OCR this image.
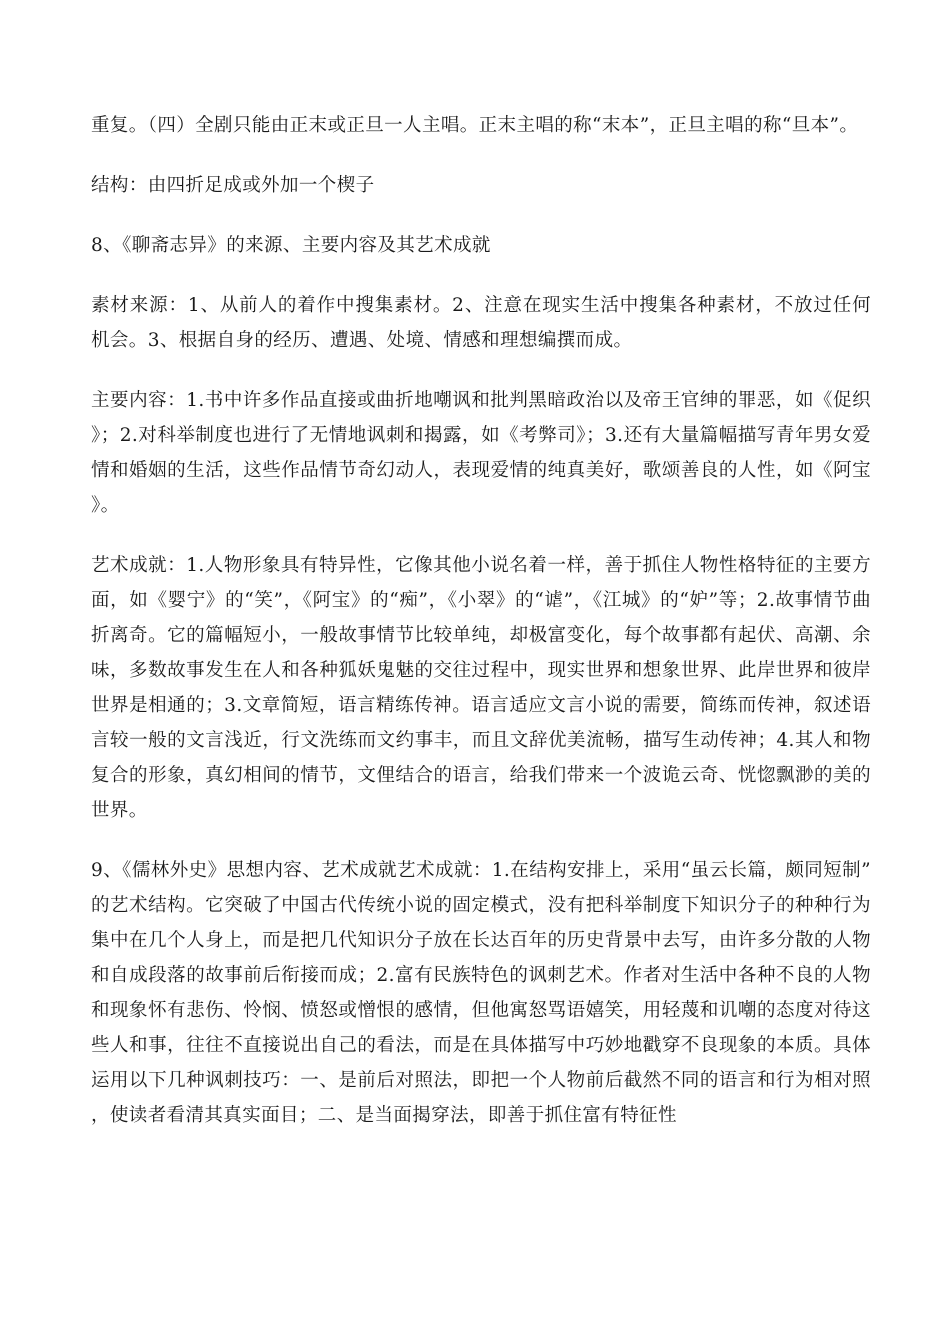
重复。（四）全剧只能由正末或正旦一人主唱。正末主唱的称“末本”，正旦主唱的称“旦本”。

结构：由四折足成或外加一个楔子

8、《聊斋志异》的来源、主要内容及其艺术成就

素材来源：1、从前人的着作中搜集素材。2、注意在现实生活中搜集各种素材，不放过任何机会。3、根据自身的经历、遭遇、处境、情感和理想编撰而成。

主要内容：1.书中许多作品直接或曲折地嘲讽和批判黑暗政治以及帝王官绅的罪恶，如《促织》；2.对科举制度也进行了无情地讽刺和揭露，如《考弊司》；3.还有大量篇幅描写青年男女爱情和婚姻的生活，这些作品情节奇幻动人，表现爱情的纯真美好，歌颂善良的人性，如《阿宝》。

艺术成就：1.人物形象具有特异性，它像其他小说名着一样，善于抓住人物性格特征的主要方面，如《婴宁》的“笑”，《阿宝》的“痴”，《小翠》的“谑”，《江城》的“妒”等；2.故事情节曲折离奇。它的篇幅短小，一般故事情节比较单纯，却极富变化，每个故事都有起伏、高潮、余味，多数故事发生在人和各种狐妖鬼魅的交往过程中，现实世界和想象世界、此岸世界和彼岸世界是相通的；3.文章简短，语言精练传神。语言适应文言小说的需要，简练而传神，叙述语言较一般的文言浅近，行文洗练而文约事丰，而且文辞优美流畅，描写生动传神；4.其人和物复合的形象，真幻相间的情节，文俚结合的语言，给我们带来一个波诡云奇、恍惚飘渺的美的世界。

9、《儒林外史》思想内容、艺术成就艺术成就：1.在结构安排上，采用“虽云长篇，颇同短制”的艺术结构。它突破了中国古代传统小说的固定模式，没有把科举制度下知识分子的种种行为集中在几个人身上，而是把几代知识分子放在长达百年的历史背景中去写，由许多分散的人物和自成段落的故事前后衔接而成；2.富有民族特色的讽刺艺术。作者对生活中各种不良的人物和现象怀有悲伤、怜悯、愤怒或憎恨的感情，但他寓怒骂语嬉笑，用轻蔑和讥嘲的态度对待这些人和事，往往不直接说出自己的看法，而是在具体描写中巧妙地戳穿不良现象的本质。具体运用以下几种讽刺技巧：一、是前后对照法，即把一个人物前后截然不同的语言和行为相对照，使读者看清其真实面目；二、是当面揭穿法，即善于抓住富有特征性
